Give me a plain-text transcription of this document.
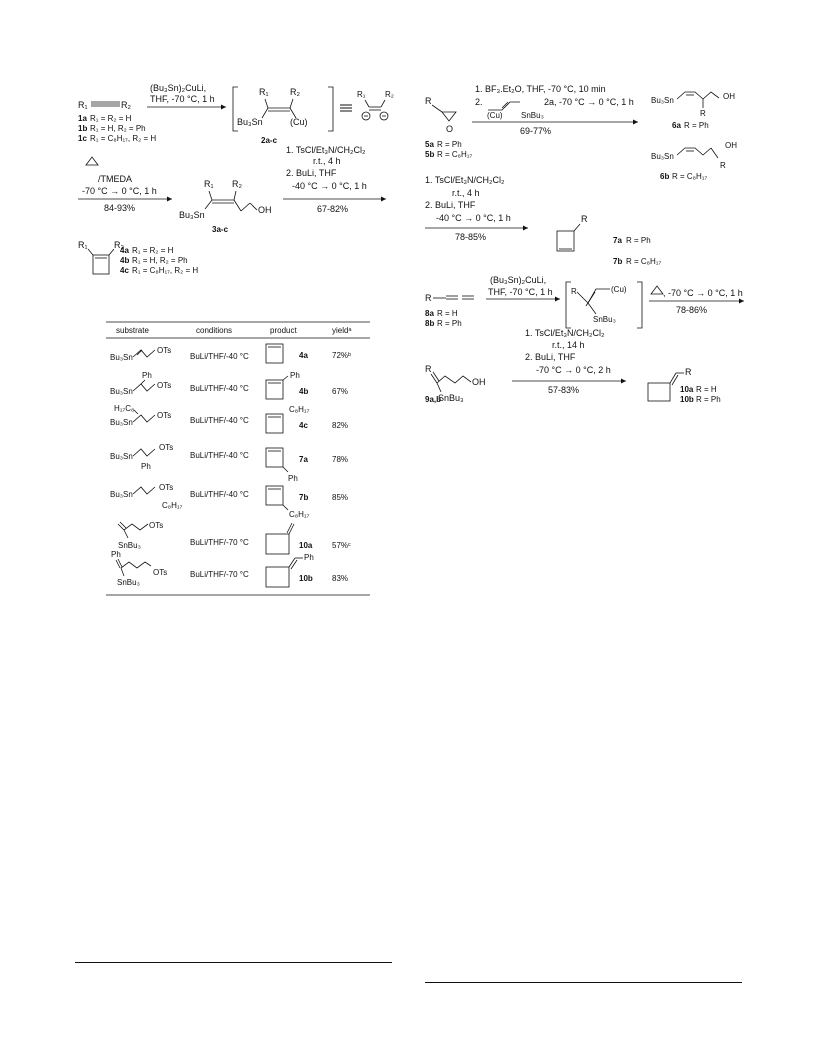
R₁	R₂
1a R₁ = R₂ = H
1b R₁ = H, R₂ = Ph
1c R₁ = C₈H₁₇, R₂ = H
(Bu₃Sn)₂CuLi,
THF, -70 °C, 1 h
R₁ R₂
Bu₃Sn	(Cu)
2a-c
R₁ R₂
/TMEDA
-70 °C → 0 °C, 1 h
84-93%
R₁ R₂
OH
Bu₃Sn
3a-c
1. TsCl/Et₃N/CH₂Cl₂
r.t., 4 h
2. BuLi, THF
-40 °C → 0 °C, 1 h
67-82%
R₁	R₂
4a R₁ = R₂ = H
4b R₁ = H, R₂ = Ph
4c R₁ = C₈H₁₇, R₂ = H
substrate	conditions	product	yieldᵃ
Bu₃Sn
OTs
BuLi/THF/-40 °C	4a	72%ᵇ
Ph
Bu₃Sn
OTs BuLi/THF/-40 °C
Ph
4b	67%
H₁₇C₈
Bu₃Sn
OTs
BuLi/THF/-40 °C
C₈H₁₇
4c	82%
Bu₃Sn
OTs
Ph
BuLi/THF/-40 °C
Ph
7a	78%
Bu₃Sn
OTs
C₈H₁₇
BuLi/THF/-40 °C
C₈H₁₇
7b	85%
OTs
SnBu₃	BuLi/THF/-70 °C	10a 57%ᶜ
Ph
OTs
SnBu₃
BuLi/THF/-70 °C
Ph
10b 83%
R
O
5a R = Ph
5b R = C₈H₁₇
1. BF₃.Et₂O, THF, -70 °C, 10 min
2.
(Cu) SnBu₃
2a, -70 °C → 0 °C, 1 h
69-77%
Bu₃Sn	OH
R
6a R = Ph
Bu₃Sn
OH
R
6b R = C₈H₁₇
1. TsCl/Et₃N/CH₂Cl₂
r.t., 4 h
2. BuLi, THF
-40 °C → 0 °C, 1 h
78-85%
R
7a R = Ph
7b R = C₈H₁₇
R
8a R = H
8b R = Ph
(Bu₃Sn)₂CuLi,
THF, -70 °C, 1 h R	(Cu)
SnBu₃
, -70 °C → 0 °C, 1 h
78-86%
R
OH
SnBu₃
9a,b
1. TsCl/Et₃N/CH₂Cl₂
r.t., 14 h
2. BuLi, THF
-70 °C → 0 °C, 2 h
57-83%
R
10a R = H
10b R = Ph
